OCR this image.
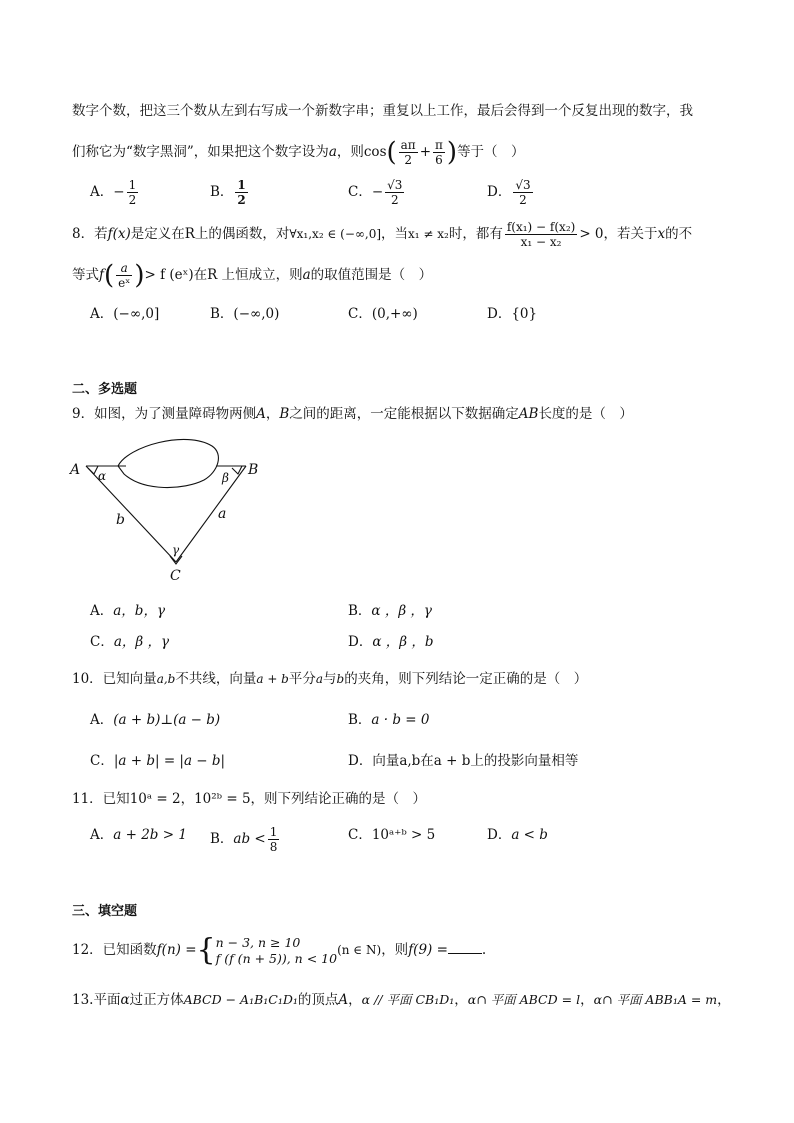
数字个数，把这三个数从左到右写成一个新数字串；重复以上工作，最后会得到一个反复出现的数字，我
们称它为“数字黑洞”，如果把这个数字设为a，则$\cos( \frac{a\pi}{2} + \frac{\pi}{6}$ )等于（　）
A．− $\frac{1}{2}$	B． $\frac{1}{2}$	C．− $\frac{√3}{2}$	D． $\frac{√3}{2}$
8．若f(x)是定义在R上的偶函数，对∀x₁,x₂ ∈ (−∞,0]，当x₁ ≠ x₂时，都有 $\frac{\text{f(x₁) − f(x₂)}}{\text{x₁ − x₂}} > 0$，若关于x的不
等式$f( \frac{a}{\text{eˣ}}$ )> f (eˣ)在R 上恒成立，则a的取值范围是（　）
A．(−∞,0]	B．(−∞,0)	C．(0,+∞)	D．{0}
二、多选题
9．如图，为了测量障碍物两侧A，B之间的距离，一定能根据以下数据确定AB长度的是（　）
A	B
C
α	β
γ
b	a
A．a，b，γ	B．α ，β ，γ
C．a，β ，γ	D．α ，β ，b
10．已知向量a,b不共线，向量a + b平分a与b的夹角，则下列结论一定正确的是（　）
A．(a + b)⊥(a − b)	B．a · b = 0
C．|a + b| = |a − b|	D．向量a,b在a + b上的投影向量相等
11．已知10ᵃ = 2，10²ᵇ = 5，则下列结论正确的是（　）
A．a + 2b > 1 B．ab < $\frac{1}{8}$	C．10ᵃ⁺ᵇ > 5	D．a < b
三、填空题
12．已知函数f(n) ={ n − 3, n ≥ 10
f (f (n + 5)), n < 10
(n ∈ N)，则f(9) =	.
13.平面α过正方体ABCD − A₁B₁C₁D₁的顶点A，α // 平面 CB₁D₁，α∩ 平面 ABCD = l，α∩ 平面 ABB₁A = m，
